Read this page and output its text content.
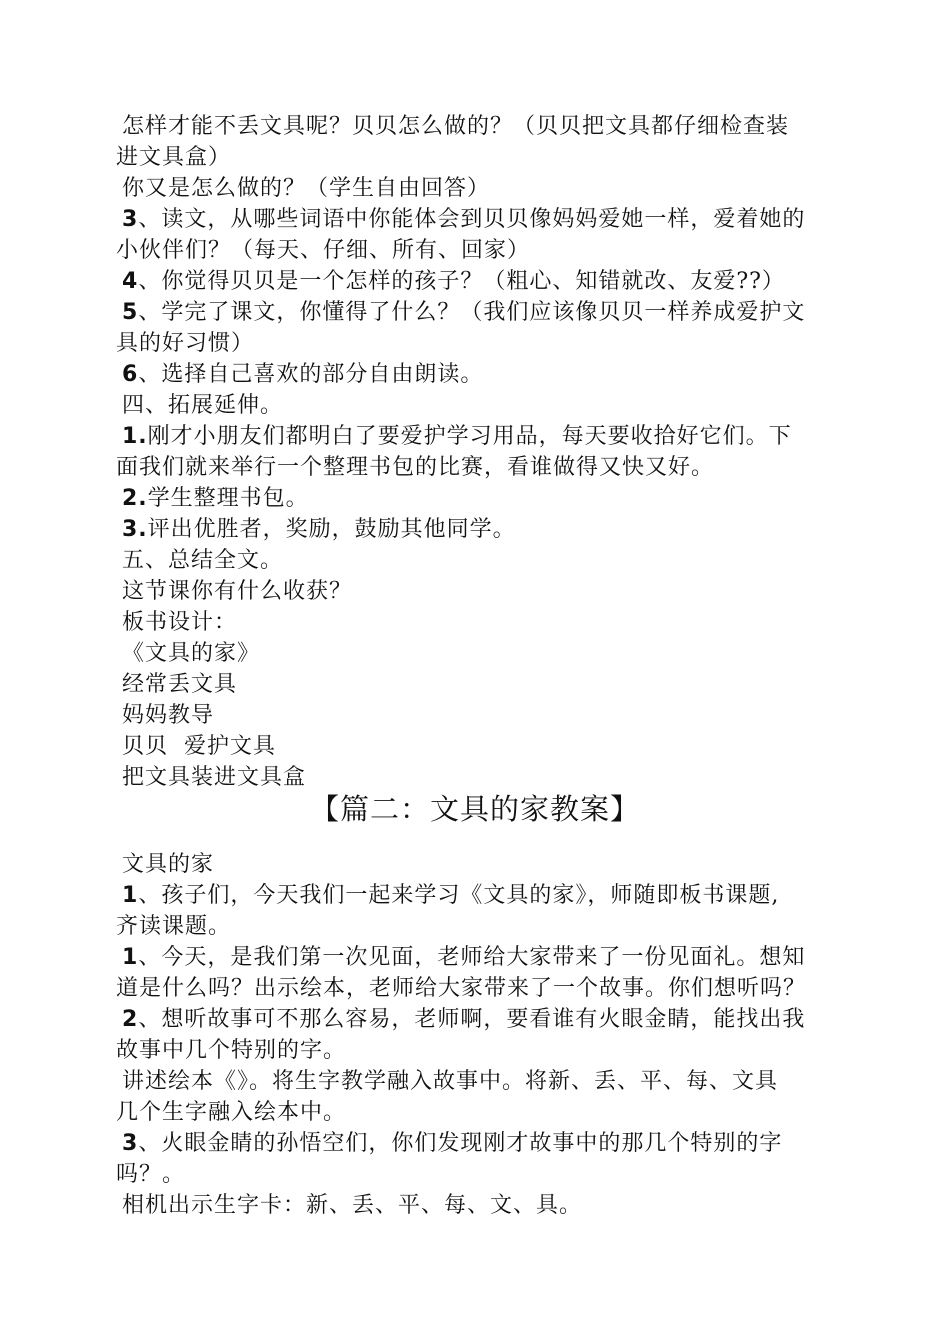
怎样才能不丢文具呢？贝贝怎么做的？（贝贝把文具都仔细检查装
进文具盒）
你又是怎么做的？（学生自由回答）
3、读文，从哪些词语中你能体会到贝贝像妈妈爱她一样，爱着她的
小伙伴们？（每天、仔细、所有、回家）
4、你觉得贝贝是一个怎样的孩子？（粗心、知错就改、友爱??）
5、学完了课文，你懂得了什么？（我们应该像贝贝一样养成爱护文
具的好习惯）
6、选择自己喜欢的部分自由朗读。
四、拓展延伸。
1.刚才小朋友们都明白了要爱护学习用品，每天要收拾好它们。下
面我们就来举行一个整理书包的比赛，看谁做得又快又好。
2.学生整理书包。
3.评出优胜者，奖励，鼓励其他同学。
五、总结全文。
这节课你有什么收获？
板书设计：
《文具的家》
经常丢文具
妈妈教导
贝贝  爱护文具
把文具装进文具盒
【篇二：文具的家教案】
文具的家
1、孩子们，今天我们一起来学习《文具的家》，师随即板书课题,
齐读课题。
1、今天，是我们第一次见面，老师给大家带来了一份见面礼。想知
道是什么吗？出示绘本，老师给大家带来了一个故事。你们想听吗？
2、想听故事可不那么容易，老师啊，要看谁有火眼金睛，能找出我
故事中几个特别的字。
讲述绘本《》。将生字教学融入故事中。将新、丢、平、每、文具
几个生字融入绘本中。
3、火眼金睛的孙悟空们，你们发现刚才故事中的那几个特别的字
吗？。
相机出示生字卡：新、丢、平、每、文、具。
